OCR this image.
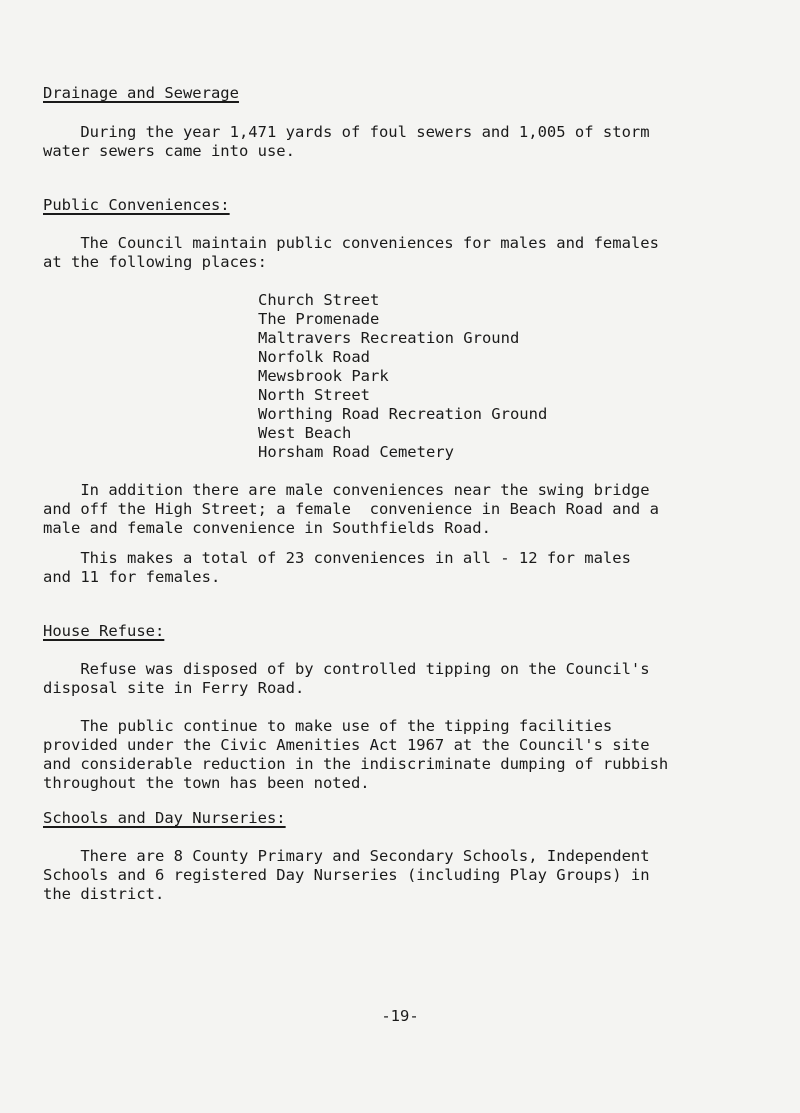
Drainage and Sewerage

During the year 1,471 yards of foul sewers and 1,005 of storm

water sewers came into use.

Public Conveniences:

The Council maintain public conveniences for males and females

at the following places:

Church Street
The Promenade
Maltravers Recreation Ground
Norfolk Road
Mewsbrook Park
North Street
Worthing Road Recreation Ground
West Beach
Horsham Road Cemetery

In addition there are male conveniences near the swing bridge

and off the High Street; a female  convenience in Beach Road and a

male and female convenience in Southfields Road.

This makes a total of 23 conveniences in all - 12 for males

and 11 for females.

House Refuse:

Refuse was disposed of by controlled tipping on the Council's

disposal site in Ferry Road.

The public continue to make use of the tipping facilities

provided under the Civic Amenities Act 1967 at the Council's site

and considerable reduction in the indiscriminate dumping of rubbish

throughout the town has been noted.

Schools and Day Nurseries:

There are 8 County Primary and Secondary Schools, Independent

Schools and 6 registered Day Nurseries (including Play Groups) in

the district.

-19-
